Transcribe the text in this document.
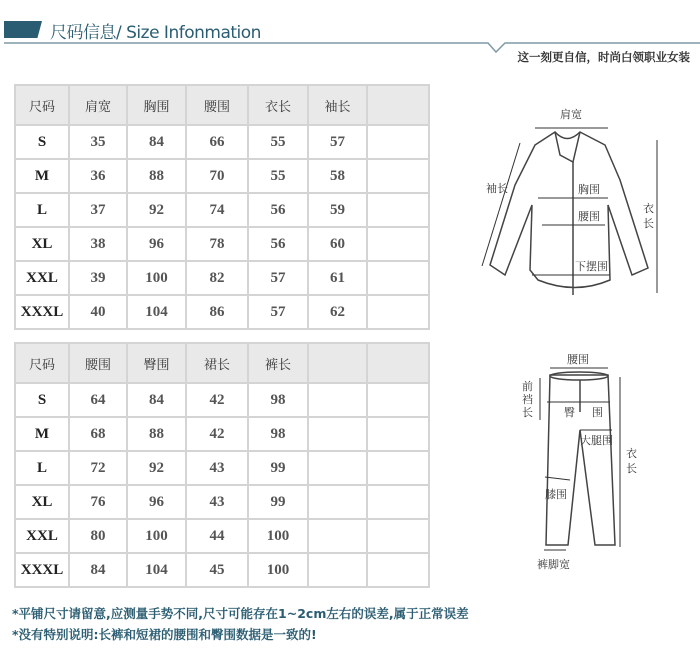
尺码信息/ Size Infonmation
这一刻更自信，时尚白领职业女装
尺码	肩宽	胸围	腰围	衣长	袖长	
S	35	84	66	55	57	
M	36	88	70	55	58	
L	37	92	74	56	59	
XL	38	96	78	56	60	
XXL	39	100	82	57	61	
XXXL	40	104	86	57	62	
尺码	腰围	臀围	裙长	裤长		
S	64	84	42	98		
M	68	88	42	98		
L	72	92	43	99		
XL	76	96	43	99		
XXL	80	100	44	100		
XXXL	84	104	45	100		
肩宽
袖长	胸围
腰围
下摆围
衣
长
腰围
前
裆
长	臀 围
大腿围
膝围
裤脚宽
衣
长
*平铺尺寸请留意,应测量手势不同,尺寸可能存在1~2cm左右的误差,属于正常误差
*没有特别说明:长裤和短裙的腰围和臀围数据是一致的!
